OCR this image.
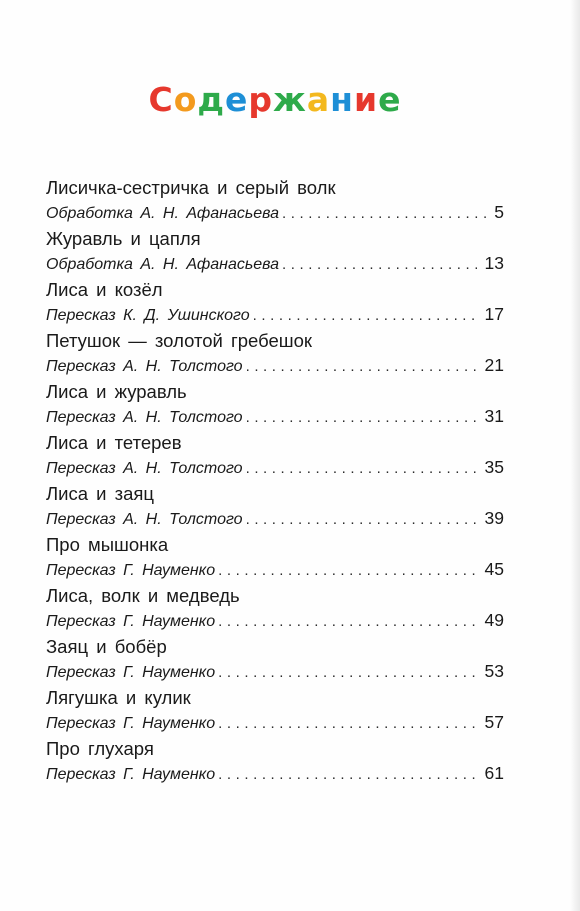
Содержание
Лисичка-сестричка и серый волк
Обработка А. Н. Афанасьева . . .	5
Журавль и цапля
Обработка А. Н. Афанасьева . . .	13
Лиса и козёл
Пересказ К. Д. Ушинского . . .	17
Петушок — золотой гребешок
Пересказ А. Н. Толстого . . .	21
Лиса и журавль
Пересказ А. Н. Толстого . . .	31
Лиса и тетерев
Пересказ А. Н. Толстого . . .	35
Лиса и заяц
Пересказ А. Н. Толстого . . .	39
Про мышонка
Пересказ Г. Науменко . . .	45
Лиса, волк и медведь
Пересказ Г. Науменко . . .	49
Заяц и бобёр
Пересказ Г. Науменко . . .	53
Лягушка и кулик
Пересказ Г. Науменко . . .	57
Про глухаря
Пересказ Г. Науменко . . .	61
